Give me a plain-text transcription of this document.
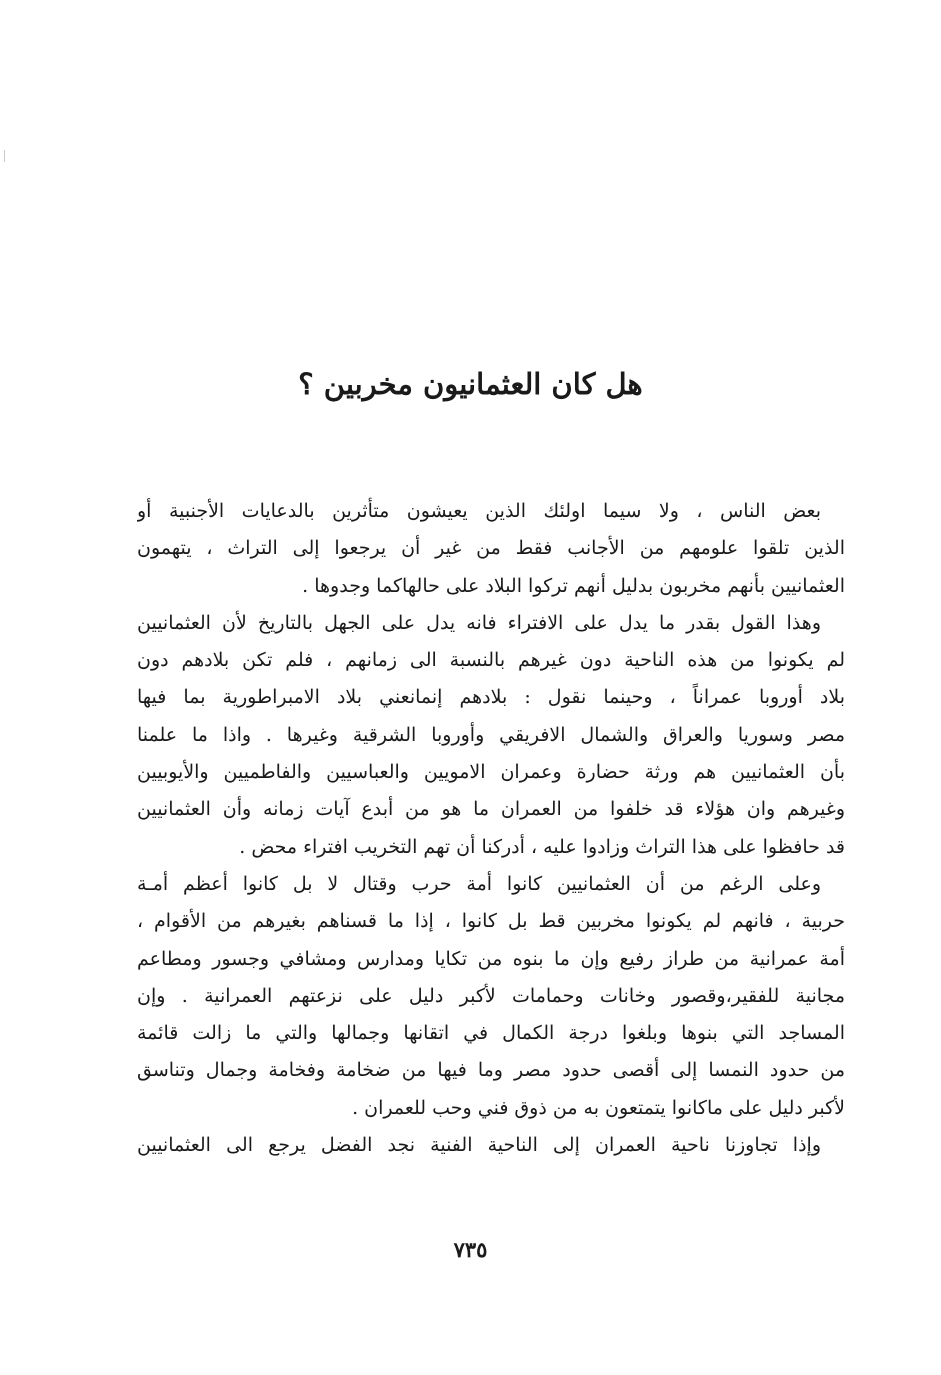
هل كان العثمانيون مخربين ؟
بعض الناس ، ولا سيما اولئك الذين يعيشون متأثرين بالدعايات الأجنبية أو
الذين تلقوا علومهم من الأجانب فقط من غير أن يرجعوا إلى التراث ، يتهمون
العثمانيين بأنهم مخربون بدليل أنهم تركوا البلاد على حالهاكما وجدوها .
وهذا القول بقدر ما يدل على الافتراء فانه يدل على الجهل بالتاريخ لأن العثمانيين
لم يكونوا من هذه الناحية دون غيرهم بالنسبة الى زمانهم ، فلم تكن بلادهم دون
بلاد أوروبا عمراناً ، وحينما نقول : بلادهم إنمانعني بلاد الامبراطورية بما فيها
مصر وسوريا والعراق والشمال الافريقي وأوروبا الشرقية وغيرها . واذا ما علمنا
بأن العثمانيين هم ورثة حضارة وعمران الامويين والعباسيين والفاطميين والأيوبيين
وغيرهم وان هؤلاء قد خلفوا من العمران ما هو من أبدع آيات زمانه وأن العثمانيين
قد حافظوا على هذا التراث وزادوا عليه ، أدركنا أن تهم التخريب افتراء محض .
وعلى الرغم من أن العثمانيين كانوا أمة حرب وقتال لا بل كانوا أعظم أمـة
حربية ، فانهم لم يكونوا مخربين قط بل كانوا ، إذا ما قسناهم بغيرهم من الأقوام ،
أمة عمرانية من طراز رفيع وإن ما بنوه من تكايا ومدارس ومشافي وجسور ومطاعم
مجانية للفقير،وقصور وخانات وحمامات لأكبر دليل على نزعتهم العمرانية . وإن
المساجد التي بنوها وبلغوا درجة الكمال في اتقانها وجمالها والتي ما زالت قائمة
من حدود النمسا إلى أقصى حدود مصر وما فيها من ضخامة وفخامة وجمال وتناسق
لأكبر دليل على ماكانوا يتمتعون به من ذوق فني وحب للعمران .
وإذا تجاوزنا ناحية العمران إلى الناحية الفنية نجد الفضل يرجع الى العثمانيين
٧٣٥
